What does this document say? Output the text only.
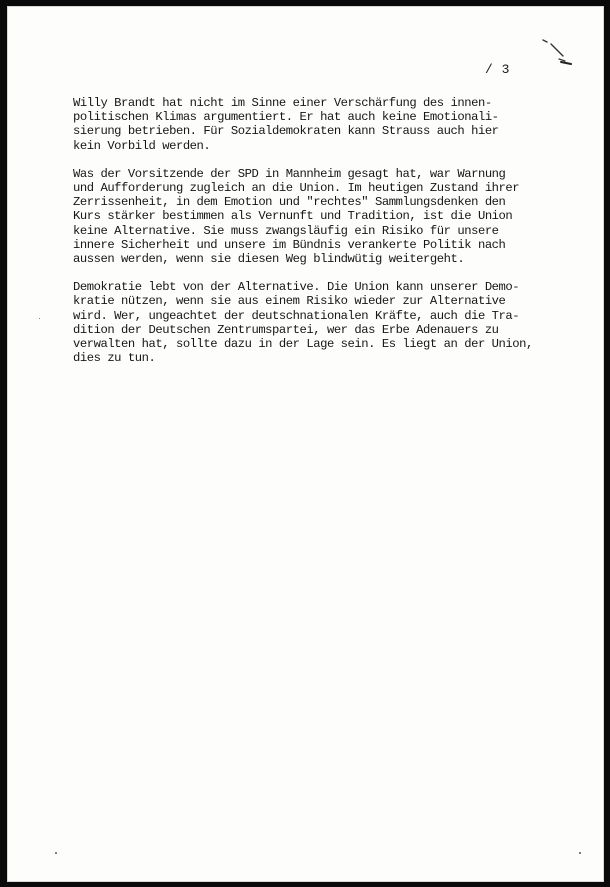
/ 3

Willy Brandt hat nicht im Sinne einer Verschärfung des innen-
politischen Klimas argumentiert. Er hat auch keine Emotionali-
sierung betrieben. Für Sozialdemokraten kann Strauss auch hier
kein Vorbild werden.

Was der Vorsitzende der SPD in Mannheim gesagt hat, war Warnung
und Aufforderung zugleich an die Union. Im heutigen Zustand ihrer
Zerrissenheit, in dem Emotion und "rechtes" Sammlungsdenken den
Kurs stärker bestimmen als Vernunft und Tradition, ist die Union
keine Alternative. Sie muss zwangsläufig ein Risiko für unsere
innere Sicherheit und unsere im Bündnis verankerte Politik nach
aussen werden, wenn sie diesen Weg blindwütig weitergeht.

Demokratie lebt von der Alternative. Die Union kann unserer Demo-
kratie nützen, wenn sie aus einem Risiko wieder zur Alternative
wird. Wer, ungeachtet der deutschnationalen Kräfte, auch die Tra-
dition der Deutschen Zentrumspartei, wer das Erbe Adenauers zu
verwalten hat, sollte dazu in der Lage sein. Es liegt an der Union,
dies zu tun.
